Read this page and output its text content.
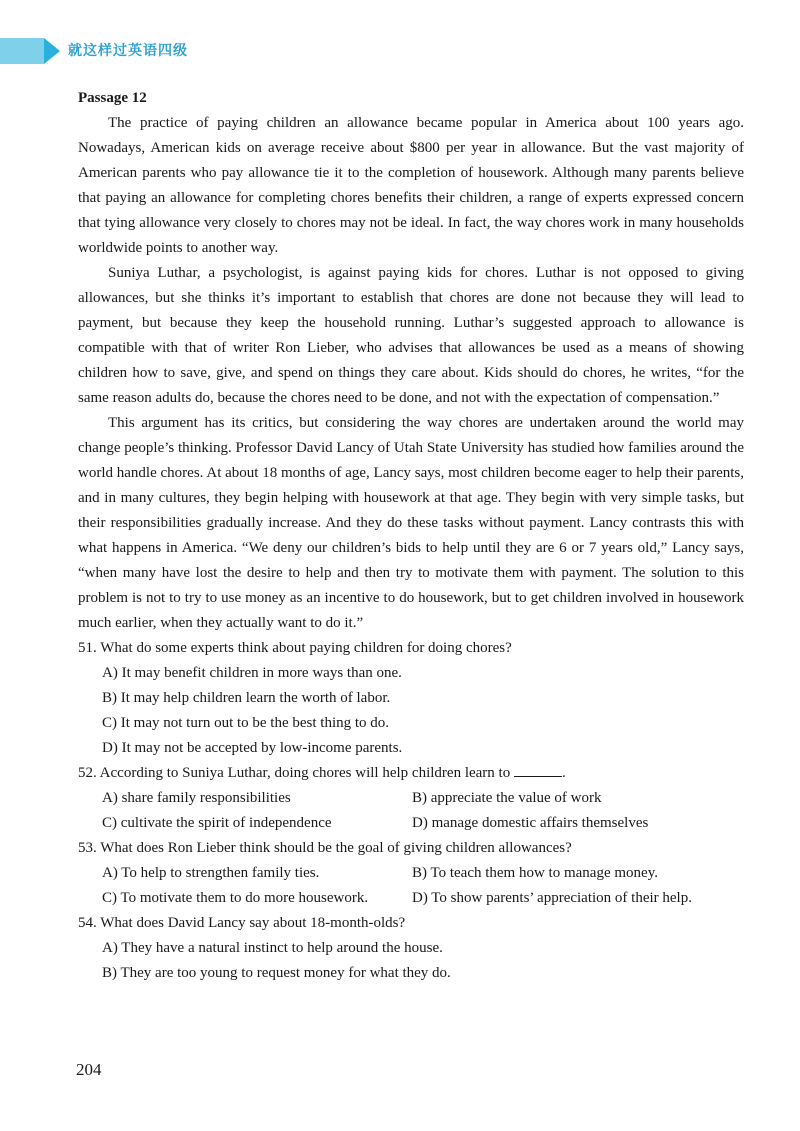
就这样过英语四级

Passage 12

The practice of paying children an allowance became popular in America about 100 years ago. Nowadays, American kids on average receive about $800 per year in allowance. But the vast majority of American parents who pay allowance tie it to the completion of housework. Although many parents believe that paying an allowance for completing chores benefits their children, a range of experts expressed concern that tying allowance very closely to chores may not be ideal. In fact, the way chores work in many households worldwide points to another way.

Suniya Luthar, a psychologist, is against paying kids for chores. Luthar is not opposed to giving allowances, but she thinks it’s important to establish that chores are done not because they will lead to payment, but because they keep the household running. Luthar’s suggested approach to allowance is compatible with that of writer Ron Lieber, who advises that allowances be used as a means of showing children how to save, give, and spend on things they care about. Kids should do chores, he writes, “for the same reason adults do, because the chores need to be done, and not with the expectation of compensation.”

This argument has its critics, but considering the way chores are undertaken around the world may change people’s thinking. Professor David Lancy of Utah State University has studied how families around the world handle chores. At about 18 months of age, Lancy says, most children become eager to help their parents, and in many cultures, they begin helping with housework at that age. They begin with very simple tasks, but their responsibilities gradually increase. And they do these tasks without payment. Lancy contrasts this with what happens in America. “We deny our children’s bids to help until they are 6 or 7 years old,” Lancy says, “when many have lost the desire to help and then try to motivate them with payment. The solution to this problem is not to try to use money as an incentive to do housework, but to get children involved in housework much earlier, when they actually want to do it.”

51. What do some experts think about paying children for doing chores?

A) It may benefit children in more ways than one.

B) It may help children learn the worth of labor.

C) It may not turn out to be the best thing to do.

D) It may not be accepted by low-income parents.

52. According to Suniya Luthar, doing chores will help children learn to	.

A) share family responsibilities	B) appreciate the value of work
C) cultivate the spirit of independence	D) manage domestic affairs themselves

53. What does Ron Lieber think should be the goal of giving children allowances?

A) To help to strengthen family ties.	B) To teach them how to manage money.
C) To motivate them to do more housework.	D) To show parents’ appreciation of their help.

54. What does David Lancy say about 18-month-olds?

A) They have a natural instinct to help around the house.

B) They are too young to request money for what they do.

204
